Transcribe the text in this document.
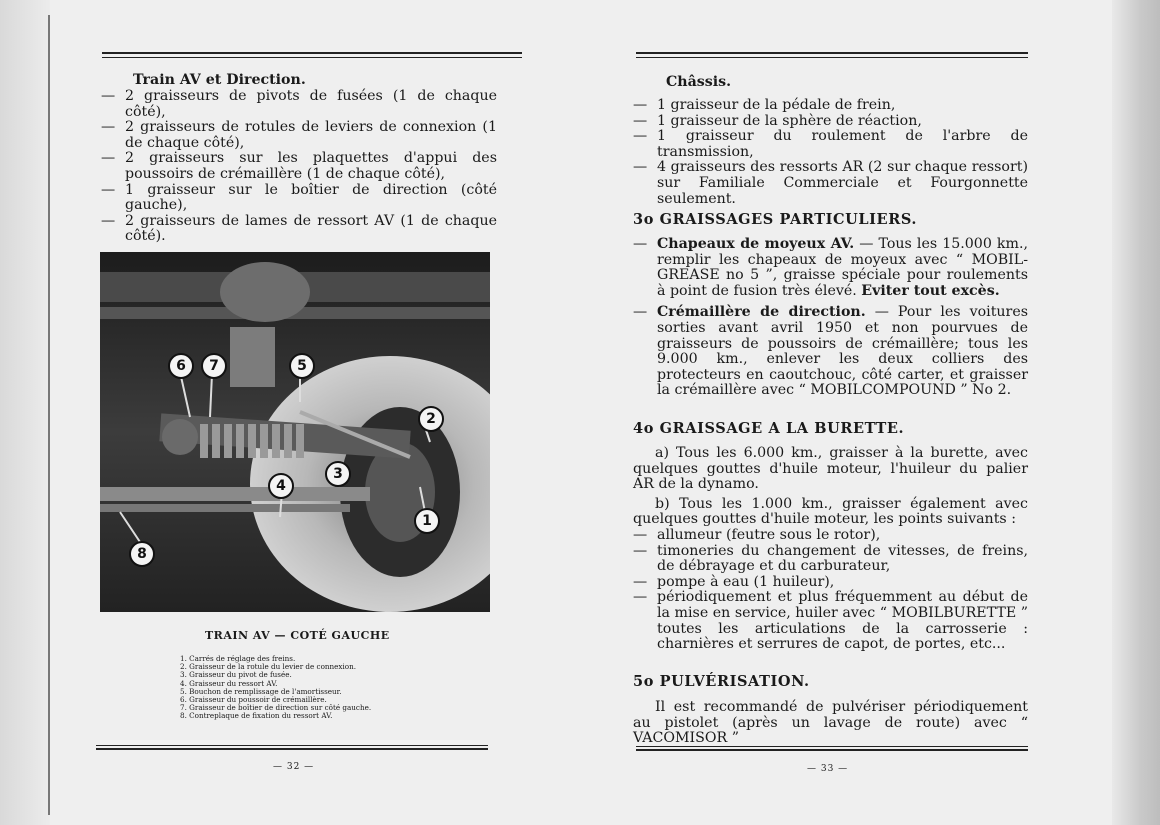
Train AV et Direction.
— 2 graisseurs de pivots de fusées (1 de chaque côté),
— 2 graisseurs de rotules de leviers de connexion (1 de chaque côté),
— 2 graisseurs sur les plaquettes d'appui des poussoirs de crémaillère (1 de chaque côté),
— 1 graisseur sur le boîtier de direction (côté gauche),
— 2 graisseurs de lames de ressort AV (1 de chaque côté).
6	7	5
2
3
4
1
8
TRAIN AV — COTÉ GAUCHE
1. Carrés de réglage des freins.
2. Graisseur de la rotule du levier de connexion.
3. Graisseur du pivot de fusée.
4. Graisseur du ressort AV.
5. Bouchon de remplissage de l'amortisseur.
6. Graisseur du poussoir de crémaillère.
7. Graisseur de boîtier de direction sur côté gauche.
8. Contreplaque de fixation du ressort AV.
— 32 —
Châssis.
— 1 graisseur de la pédale de frein,
— 1 graisseur de la sphère de réaction,
— 1 graisseur du roulement de l'arbre de transmission,
— 4 graisseurs des ressorts AR (2 sur chaque ressort) sur Familiale Commerciale et Fourgonnette seulement.
3o GRAISSAGES PARTICULIERS.
— Chapeaux de moyeux AV. — Tous les 15.000 km., remplir les chapeaux de moyeux avec “ MOBIL-GREASE no 5 ”, graisse spéciale pour roulements à point de fusion très élevé. Eviter tout excès.
— Crémaillère de direction. — Pour les voitures sorties avant avril 1950 et non pourvues de graisseurs de poussoirs de crémaillère; tous les 9.000 km., enlever les deux colliers des protecteurs en caoutchouc, côté carter, et graisser la crémaillère avec “ MOBILCOMPOUND ” No 2.
4o GRAISSAGE A LA BURETTE.
a) Tous les 6.000 km., graisser à la burette, avec quelques gouttes d'huile moteur, l'huileur du palier AR de la dynamo.
b) Tous les 1.000 km., graisser également avec quelques gouttes d'huile moteur, les points suivants :
— allumeur (feutre sous le rotor),
— timoneries du changement de vitesses, de freins, de débrayage et du carburateur,
— pompe à eau (1 huileur),
— périodiquement et plus fréquemment au début de la mise en service, huiler avec “ MOBILBURETTE ” toutes les articulations de la carrosserie : charnières et serrures de capot, de portes, etc...
5o PULVÉRISATION.
Il est recommandé de pulvériser périodiquement au pistolet (après un lavage de route) avec “ VACOMISOR ”
— 33 —
